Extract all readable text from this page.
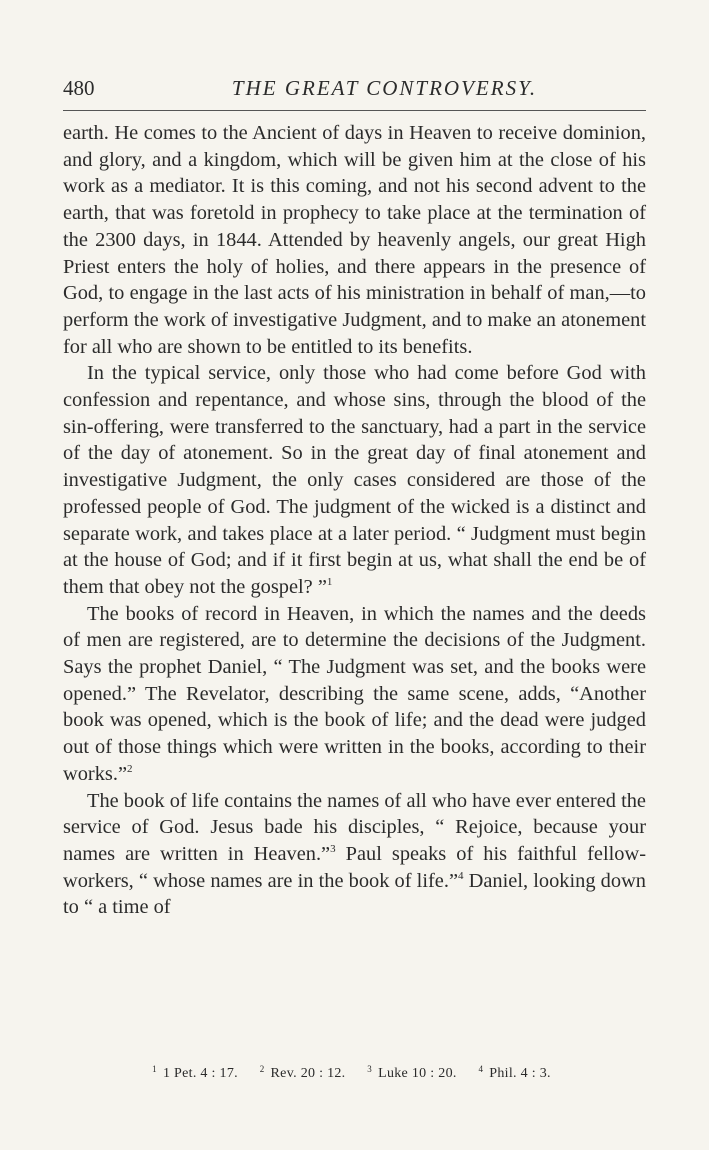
480	THE GREAT CONTROVERSY.

earth. He comes to the Ancient of days in Heaven to receive dominion, and glory, and a kingdom, which will be given him at the close of his work as a mediator. It is this coming, and not his second advent to the earth, that was foretold in prophecy to take place at the termination of the 2300 days, in 1844. Attended by heavenly angels, our great High Priest enters the holy of holies, and there appears in the presence of God, to engage in the last acts of his ministration in behalf of man,—to perform the work of investigative Judgment, and to make an atonement for all who are shown to be entitled to its benefits.

In the typical service, only those who had come before God with confession and repentance, and whose sins, through the blood of the sin-offering, were transferred to the sanctuary, had a part in the service of the day of atonement. So in the great day of final atonement and investigative Judgment, the only cases considered are those of the professed people of God. The judgment of the wicked is a distinct and separate work, and takes place at a later period. “ Judgment must begin at the house of God; and if it first begin at us, what shall the end be of them that obey not the gospel? ”$^1$

The books of record in Heaven, in which the names and the deeds of men are registered, are to determine the decisions of the Judgment. Says the prophet Daniel, “ The Judgment was set, and the books were opened.” The Revelator, describing the same scene, adds, “Another book was opened, which is the book of life; and the dead were judged out of those things which were written in the books, according to their works.”$^2$

The book of life contains the names of all who have ever entered the service of God. Jesus bade his disciples, “ Rejoice, because your names are written in Heaven.”$^3$ Paul speaks of his faithful fellow-workers, “ whose names are in the book of life.”$^4$ Daniel, looking down to “ a time of

$^1$ 1 Pet. 4 : 17. $^2$ Rev. 20 : 12. $^3$ Luke 10 : 20. $^4$ Phil. 4 : 3.
